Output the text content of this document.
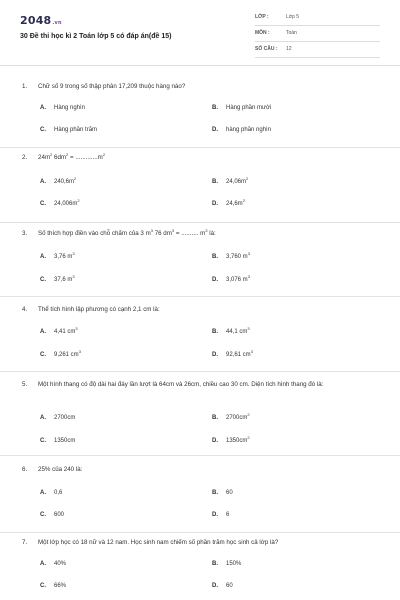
2048.vn
30 Đề thi học kì 2 Toán lớp 5 có đáp án(đề 15)
LỚP :	Lớp 5
MÔN :	Toán
SỐ CÂU : 12
1. Chữ số 9 trong số thập phân 17,209 thuộc hàng nào?
A. Hàng nghìn	B. Hàng phần mười
C. Hàng phần trăm	D. hàng phần nghìn
2. $24m^2$ $6dm^2 = .............m^2$
A. $240,6m^2$
B. $24,06m^2$
C. $24,006m^2$
D. $24,6m^2$
3. Số thích hợp điền vào chỗ chấm của 3 $m^3$ 76 $dm^3$ = .......... $m^3$ là:
A. 3,76 $m^3$
B. 3,760 $m^3$
C. 37,6 $m^3$
D. 3,076 $m^3$
4. Thể tích hình lập phương có cạnh 2,1 cm là:
A. 4,41 $cm^3$
B. 44,1 $cm^3$
C. 9,261 $cm^3$
D. 92,61 $cm^3$
5. Một hình thang có độ dài hai đáy lần lượt là 64cm và 26cm, chiều cao 30 cm. Diện tích hình thang đó là:
A. 2700cm	B. $2700cm^2$
C. 1350cm	D. $1350cm^2$
6. 25% của 240 là:
A. 0,6	B. 60
C. 600	D. 6
7. Một lớp học có 18 nữ và 12 nam. Học sinh nam chiếm số phần trăm học sinh cả lớp là?
A. 40%	B. 150%
C. 66%	D. 60
